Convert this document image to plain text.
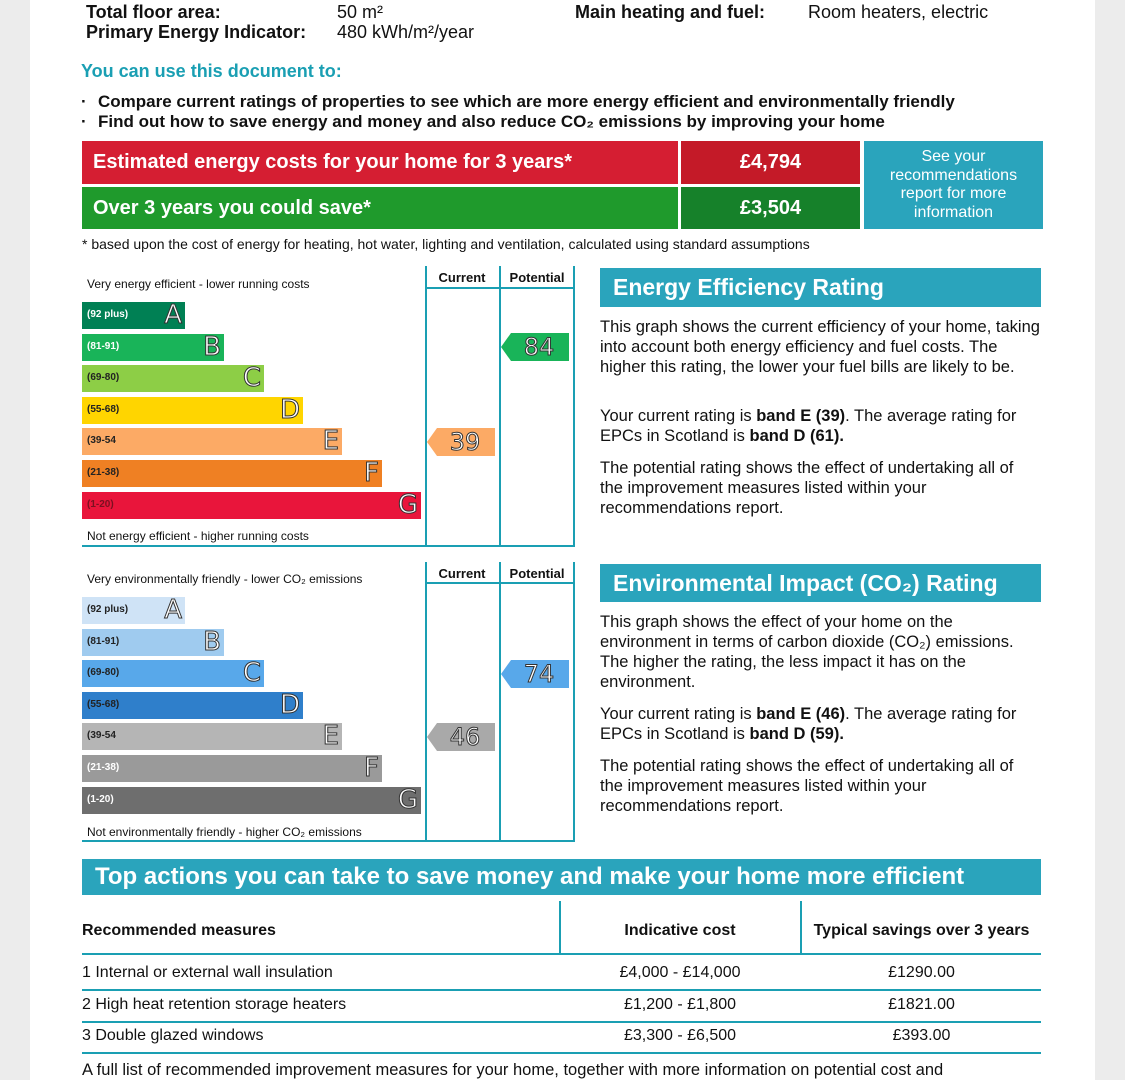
Total floor area:	50 m²
Primary Energy Indicator: 480 kWh/m²/year
Main heating and fuel: Room heaters, electric
You can use this document to:
· Compare current ratings of properties to see which are more energy efficient and environmentally friendly
· Find out how to save energy and money and also reduce CO₂ emissions by improving your home
Estimated energy costs for your home for 3 years*	£4,794
Over 3 years you could save*	£3,504
See your recommendations report for more information
* based upon the cost of energy for heating, hot water, lighting and ventilation, calculated using standard assumptions
Very energy efficient - lower running costs
Not energy efficient - higher running costs
Current	Potential
(92 plus) A
(81-91)	B
(69-80)	C
(55-68)	D
(39-54	E
(21-38)	F
(1-20)	G
39
84
Very environmentally friendly - lower CO₂ emissions
Not environmentally friendly - higher CO₂ emissions
Current	Potential
(92 plus) A
(81-91)	B
(69-80)	C
(55-68)	D
(39-54	E
(21-38)	F
(1-20)	G
46
74
Energy Efficiency Rating
This graph shows the current efficiency of your home, taking into account both energy efficiency and fuel costs. The higher this rating, the lower your fuel bills are likely to be.
Your current rating is band E (39). The average rating for EPCs in Scotland is band D (61).
The potential rating shows the effect of undertaking all of the improvement measures listed within your recommendations report.
Environmental Impact (CO₂) Rating
This graph shows the effect of your home on the environment in terms of carbon dioxide (CO₂) emissions. The higher the rating, the less impact it has on the environment.
Your current rating is band E (46). The average rating for EPCs in Scotland is band D (59).
The potential rating shows the effect of undertaking all of the improvement measures listed within your recommendations report.
Top actions you can take to save money and make your home more efficient
Recommended measures	Indicative cost	Typical savings over 3 years
1 Internal or external wall insulation	£4,000 - £14,000	£1290.00
2 High heat retention storage heaters	£1,200 - £1,800	£1821.00
3 Double glazed windows	£3,300 - £6,500	£393.00
A full list of recommended improvement measures for your home, together with more information on potential cost and
